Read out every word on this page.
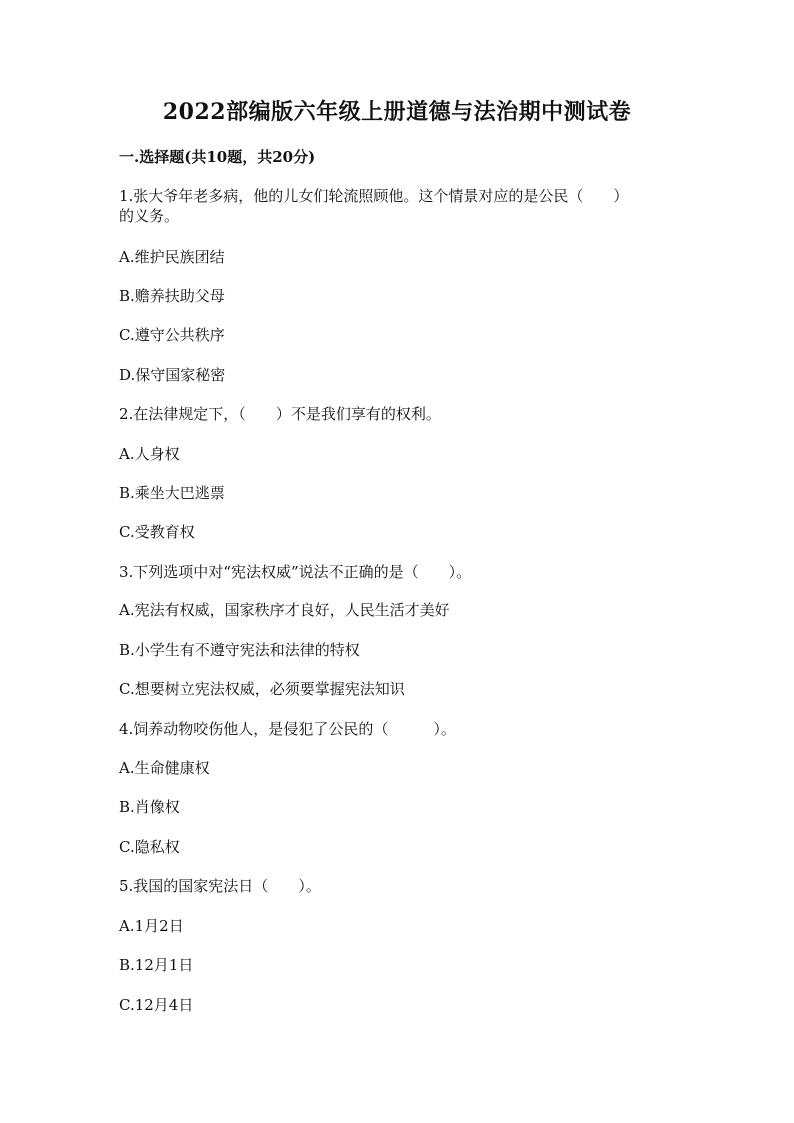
2022部编版六年级上册道德与法治期中测试卷
一.选择题(共10题，共20分)
1.张大爷年老多病，他的儿女们轮流照顾他。这个情景对应的是公民（　　）
的义务。
A.维护民族团结
B.赡养扶助父母
C.遵守公共秩序
D.保守国家秘密
2.在法律规定下，（　　）不是我们享有的权利。
A.人身权
B.乘坐大巴逃票
C.受教育权
3.下列选项中对“宪法权威”说法不正确的是（　　）。
A.宪法有权威，国家秩序才良好，人民生活才美好
B.小学生有不遵守宪法和法律的特权
C.想要树立宪法权威，必须要掌握宪法知识
4.饲养动物咬伤他人，是侵犯了公民的（　　　）。
A.生命健康权
B.肖像权
C.隐私权
5.我国的国家宪法日（　　）。
A.1月2日
B.12月1日
C.12月4日
